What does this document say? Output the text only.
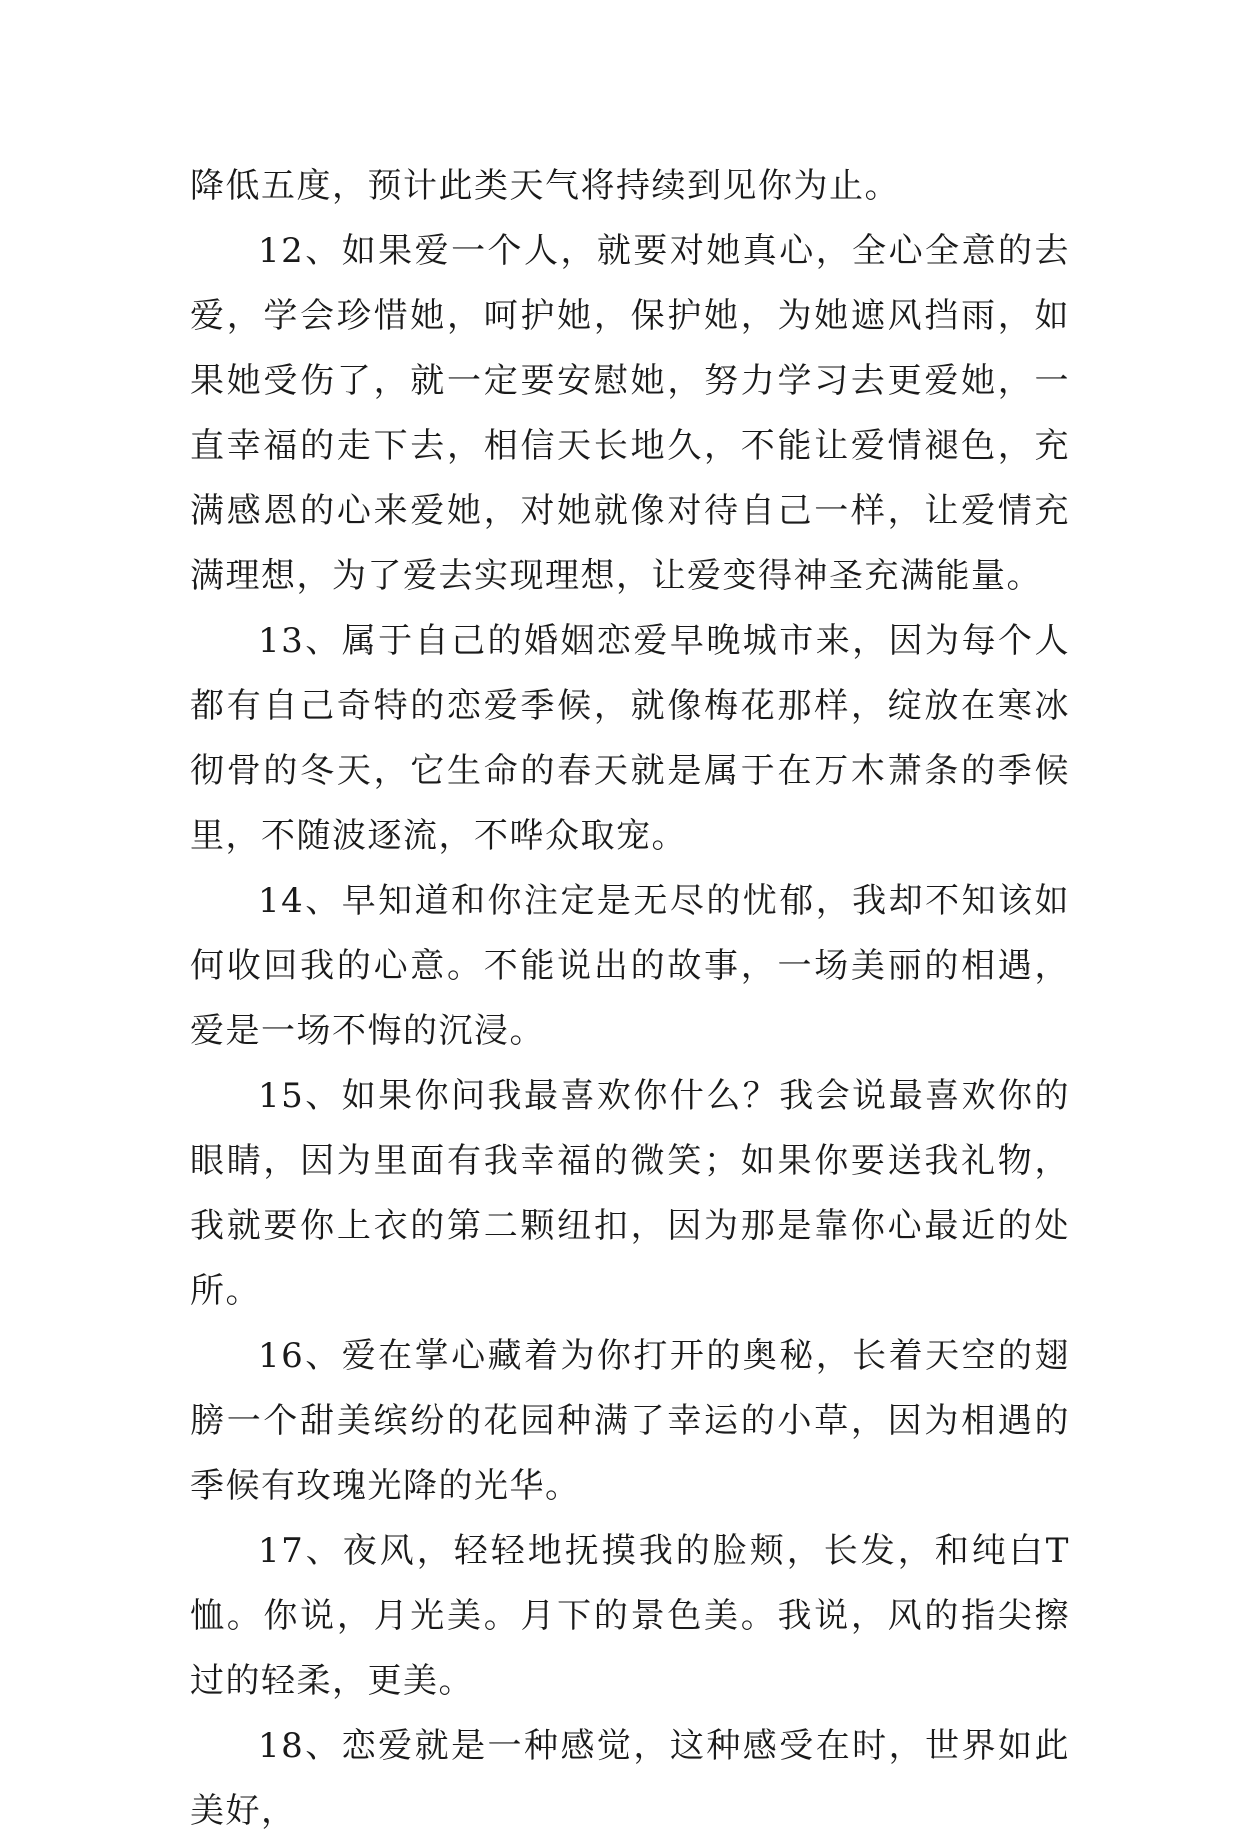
降低五度，预计此类天气将持续到见你为止。

12、如果爱一个人，就要对她真心，全心全意的去爱，学会珍惜她，呵护她，保护她，为她遮风挡雨，如果她受伤了，就一定要安慰她，努力学习去更爱她，一直幸福的走下去，相信天长地久，不能让爱情褪色，充满感恩的心来爱她，对她就像对待自己一样，让爱情充满理想，为了爱去实现理想，让爱变得神圣充满能量。

13、属于自己的婚姻恋爱早晚城市来，因为每个人都有自己奇特的恋爱季候，就像梅花那样，绽放在寒冰彻骨的冬天，它生命的春天就是属于在万木萧条的季候里，不随波逐流，不哗众取宠。

14、早知道和你注定是无尽的忧郁，我却不知该如何收回我的心意。不能说出的故事，一场美丽的相遇，爱是一场不悔的沉浸。

15、如果你问我最喜欢你什么？我会说最喜欢你的眼睛，因为里面有我幸福的微笑；如果你要送我礼物，我就要你上衣的第二颗纽扣，因为那是靠你心最近的处所。

16、爱在掌心藏着为你打开的奥秘，长着天空的翅膀一个甜美缤纷的花园种满了幸运的小草，因为相遇的季候有玫瑰光降的光华。

17、夜风，轻轻地抚摸我的脸颊，长发，和纯白T恤。你说，月光美。月下的景色美。我说，风的指尖擦过的轻柔，更美。

18、恋爱就是一种感觉，这种感受在时，世界如此美好，
